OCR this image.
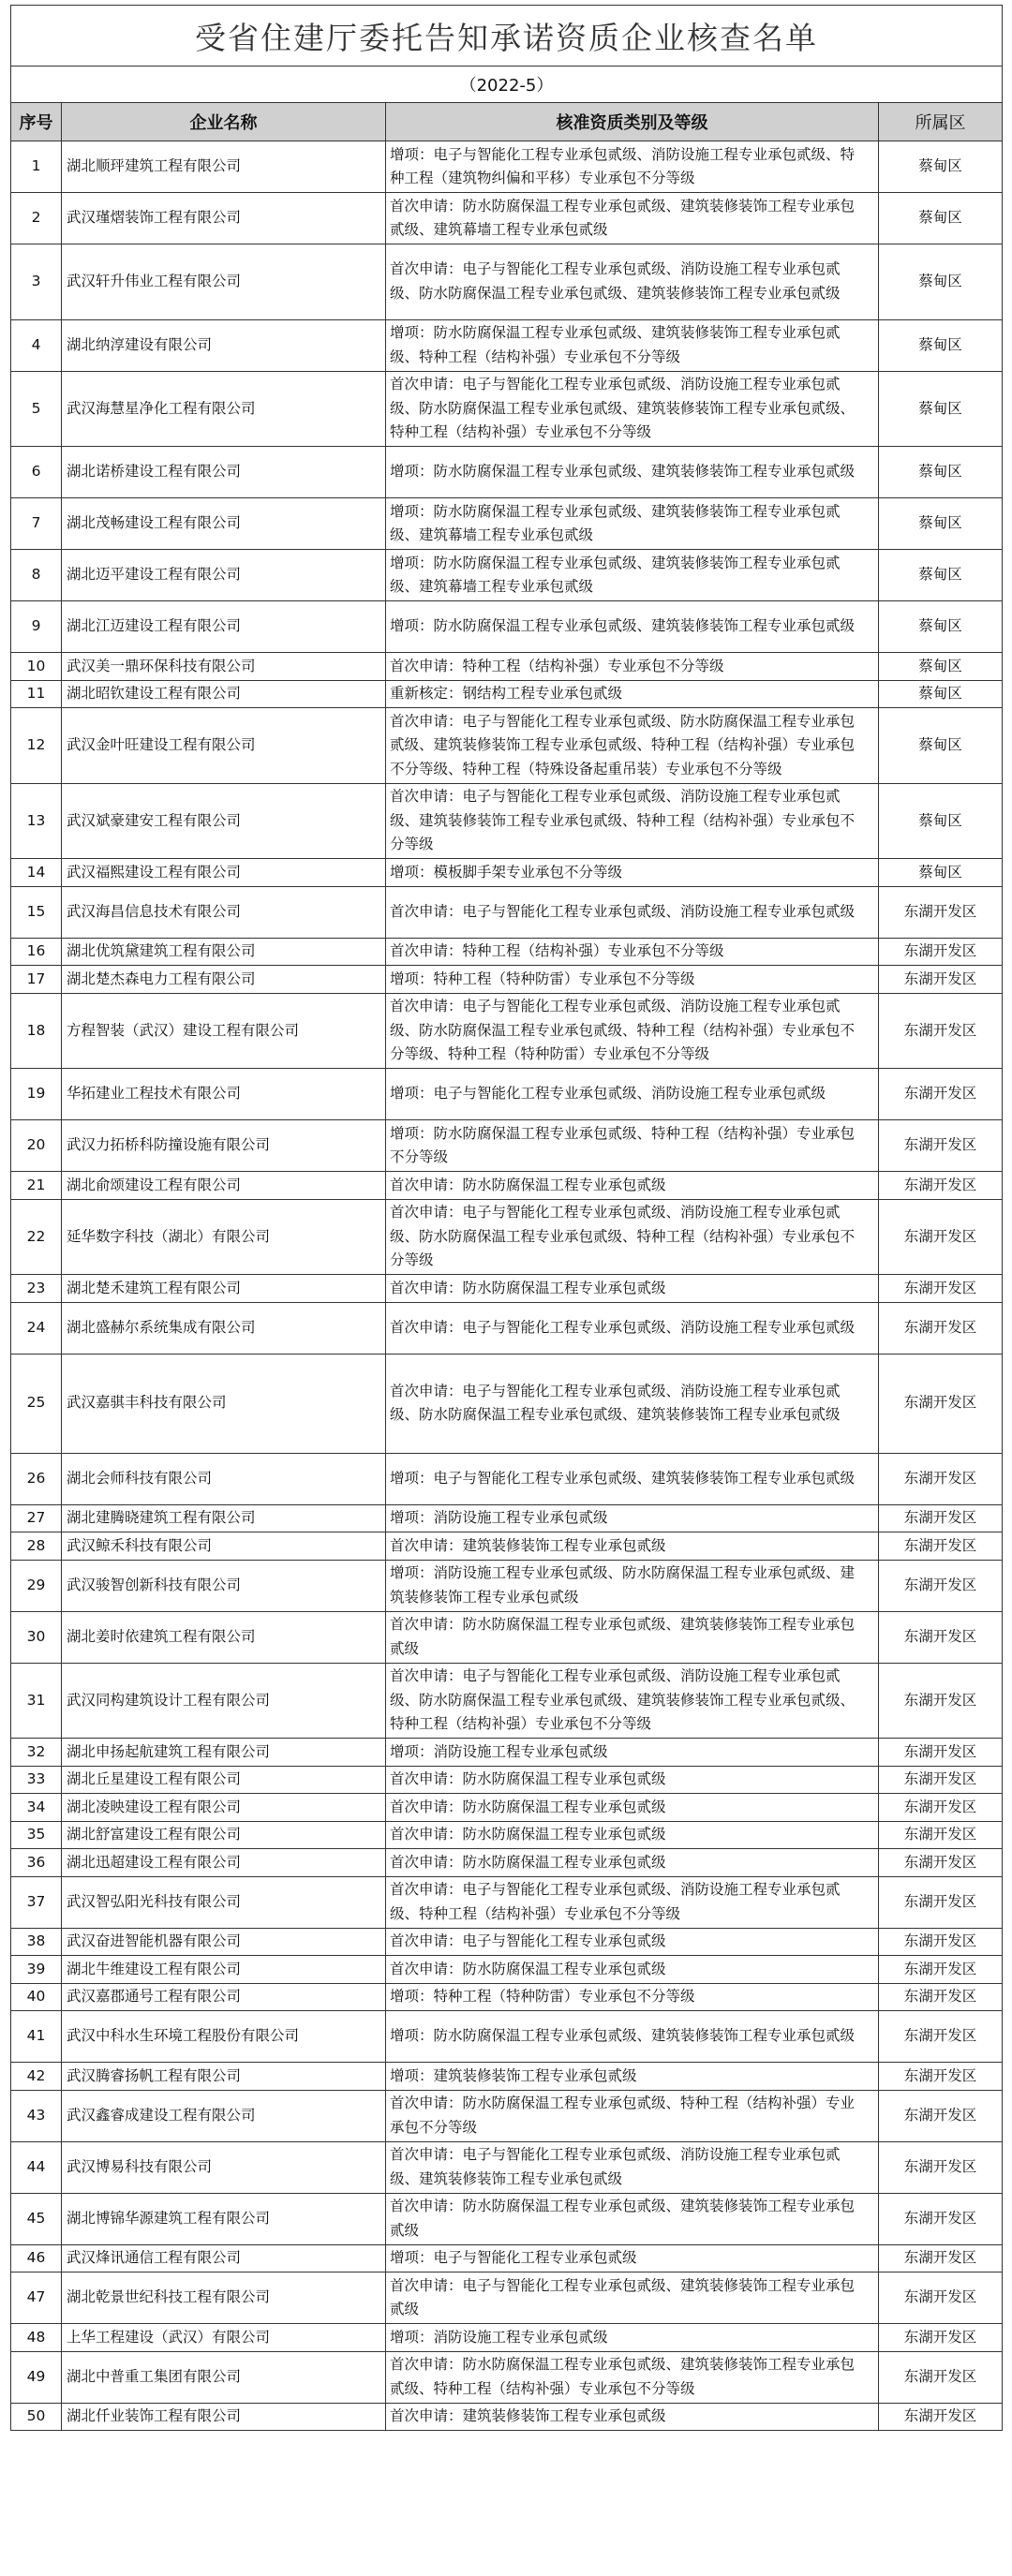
受省住建厅委托告知承诺资质企业核查名单			
（2022-5）			
序号	企业名称	核准资质类别及等级	所属区
1	湖北顺玶建筑工程有限公司	增项：电子与智能化工程专业承包贰级、消防设施工程专业承包贰级、特种工程（建筑物纠偏和平移）专业承包不分等级	蔡甸区
2	武汉瑾熠装饰工程有限公司	首次申请：防水防腐保温工程专业承包贰级、建筑装修装饰工程专业承包贰级、建筑幕墙工程专业承包贰级	蔡甸区
3	武汉轩升伟业工程有限公司	首次申请：电子与智能化工程专业承包贰级、消防设施工程专业承包贰级、防水防腐保温工程专业承包贰级、建筑装修装饰工程专业承包贰级	蔡甸区
4	湖北纳淳建设有限公司	增项：防水防腐保温工程专业承包贰级、建筑装修装饰工程专业承包贰级、特种工程（结构补强）专业承包不分等级	蔡甸区
5	武汉海慧星净化工程有限公司	首次申请：电子与智能化工程专业承包贰级、消防设施工程专业承包贰级、防水防腐保温工程专业承包贰级、建筑装修装饰工程专业承包贰级、特种工程（结构补强）专业承包不分等级	蔡甸区
6	湖北诺桥建设工程有限公司	增项：防水防腐保温工程专业承包贰级、建筑装修装饰工程专业承包贰级	蔡甸区
7	湖北茂畅建设工程有限公司	增项：防水防腐保温工程专业承包贰级、建筑装修装饰工程专业承包贰级、建筑幕墙工程专业承包贰级	蔡甸区
8	湖北迈平建设工程有限公司	增项：防水防腐保温工程专业承包贰级、建筑装修装饰工程专业承包贰级、建筑幕墙工程专业承包贰级	蔡甸区
9	湖北江迈建设工程有限公司	增项：防水防腐保温工程专业承包贰级、建筑装修装饰工程专业承包贰级	蔡甸区
10	武汉美一鼎环保科技有限公司	首次申请：特种工程（结构补强）专业承包不分等级	蔡甸区
11	湖北昭钦建设工程有限公司	重新核定：钢结构工程专业承包贰级	蔡甸区
12	武汉金叶旺建设工程有限公司	首次申请：电子与智能化工程专业承包贰级、防水防腐保温工程专业承包贰级、建筑装修装饰工程专业承包贰级、特种工程（结构补强）专业承包不分等级、特种工程（特殊设备起重吊装）专业承包不分等级	蔡甸区
13	武汉斌豪建安工程有限公司	首次申请：电子与智能化工程专业承包贰级、消防设施工程专业承包贰级、建筑装修装饰工程专业承包贰级、特种工程（结构补强）专业承包不分等级	蔡甸区
14	武汉福熙建设工程有限公司	增项：模板脚手架专业承包不分等级	蔡甸区
15	武汉海昌信息技术有限公司	首次申请：电子与智能化工程专业承包贰级、消防设施工程专业承包贰级	东湖开发区
16	湖北优筑黛建筑工程有限公司	首次申请：特种工程（结构补强）专业承包不分等级	东湖开发区
17	湖北楚杰森电力工程有限公司	增项：特种工程（特种防雷）专业承包不分等级	东湖开发区
18	方程智装（武汉）建设工程有限公司	首次申请：电子与智能化工程专业承包贰级、消防设施工程专业承包贰级、防水防腐保温工程专业承包贰级、特种工程（结构补强）专业承包不分等级、特种工程（特种防雷）专业承包不分等级	东湖开发区
19	华拓建业工程技术有限公司	增项：电子与智能化工程专业承包贰级、消防设施工程专业承包贰级	东湖开发区
20	武汉力拓桥科防撞设施有限公司	增项：防水防腐保温工程专业承包贰级、特种工程（结构补强）专业承包不分等级	东湖开发区
21	湖北俞颂建设工程有限公司	首次申请：防水防腐保温工程专业承包贰级	东湖开发区
22	延华数字科技（湖北）有限公司	首次申请：电子与智能化工程专业承包贰级、消防设施工程专业承包贰级、防水防腐保温工程专业承包贰级、特种工程（结构补强）专业承包不分等级	东湖开发区
23	湖北楚禾建筑工程有限公司	首次申请：防水防腐保温工程专业承包贰级	东湖开发区
24	湖北盛赫尔系统集成有限公司	首次申请：电子与智能化工程专业承包贰级、消防设施工程专业承包贰级	东湖开发区
25	武汉嘉骐丰科技有限公司	首次申请：电子与智能化工程专业承包贰级、消防设施工程专业承包贰级、防水防腐保温工程专业承包贰级、建筑装修装饰工程专业承包贰级	东湖开发区
26	湖北会师科技有限公司	增项：电子与智能化工程专业承包贰级、建筑装修装饰工程专业承包贰级	东湖开发区
27	湖北建腾晓建筑工程有限公司	增项：消防设施工程专业承包贰级	东湖开发区
28	武汉鲸禾科技有限公司	首次申请：建筑装修装饰工程专业承包贰级	东湖开发区
29	武汉骏智创新科技有限公司	增项：消防设施工程专业承包贰级、防水防腐保温工程专业承包贰级、建筑装修装饰工程专业承包贰级	东湖开发区
30	湖北姜时依建筑工程有限公司	首次申请：防水防腐保温工程专业承包贰级、建筑装修装饰工程专业承包贰级	东湖开发区
31	武汉同构建筑设计工程有限公司	首次申请：电子与智能化工程专业承包贰级、消防设施工程专业承包贰级、防水防腐保温工程专业承包贰级、建筑装修装饰工程专业承包贰级、特种工程（结构补强）专业承包不分等级	东湖开发区
32	湖北申扬起航建筑工程有限公司	增项：消防设施工程专业承包贰级	东湖开发区
33	湖北丘星建设工程有限公司	首次申请：防水防腐保温工程专业承包贰级	东湖开发区
34	湖北凌映建设工程有限公司	首次申请：防水防腐保温工程专业承包贰级	东湖开发区
35	湖北舒富建设工程有限公司	首次申请：防水防腐保温工程专业承包贰级	东湖开发区
36	湖北迅超建设工程有限公司	首次申请：防水防腐保温工程专业承包贰级	东湖开发区
37	武汉智弘阳光科技有限公司	首次申请：电子与智能化工程专业承包贰级、消防设施工程专业承包贰级、特种工程（结构补强）专业承包不分等级	东湖开发区
38	武汉奋进智能机器有限公司	首次申请：电子与智能化工程专业承包贰级	东湖开发区
39	湖北牛维建设工程有限公司	首次申请：防水防腐保温工程专业承包贰级	东湖开发区
40	武汉嘉郡通号工程有限公司	增项：特种工程（特种防雷）专业承包不分等级	东湖开发区
41	武汉中科水生环境工程股份有限公司	增项：防水防腐保温工程专业承包贰级、建筑装修装饰工程专业承包贰级	东湖开发区
42	武汉腾睿扬帆工程有限公司	增项：建筑装修装饰工程专业承包贰级	东湖开发区
43	武汉鑫睿成建设工程有限公司	首次申请：防水防腐保温工程专业承包贰级、特种工程（结构补强）专业承包不分等级	东湖开发区
44	武汉博易科技有限公司	首次申请：电子与智能化工程专业承包贰级、消防设施工程专业承包贰级、建筑装修装饰工程专业承包贰级	东湖开发区
45	湖北博锦华源建筑工程有限公司	首次申请：防水防腐保温工程专业承包贰级、建筑装修装饰工程专业承包贰级	东湖开发区
46	武汉烽讯通信工程有限公司	增项：电子与智能化工程专业承包贰级	东湖开发区
47	湖北乾景世纪科技工程有限公司	首次申请：电子与智能化工程专业承包贰级、建筑装修装饰工程专业承包贰级	东湖开发区
48	上华工程建设（武汉）有限公司	增项：消防设施工程专业承包贰级	东湖开发区
49	湖北中普重工集团有限公司	首次申请：防水防腐保温工程专业承包贰级、建筑装修装饰工程专业承包贰级、特种工程（结构补强）专业承包不分等级	东湖开发区
50	湖北仟业装饰工程有限公司	首次申请：建筑装修装饰工程专业承包贰级	东湖开发区
